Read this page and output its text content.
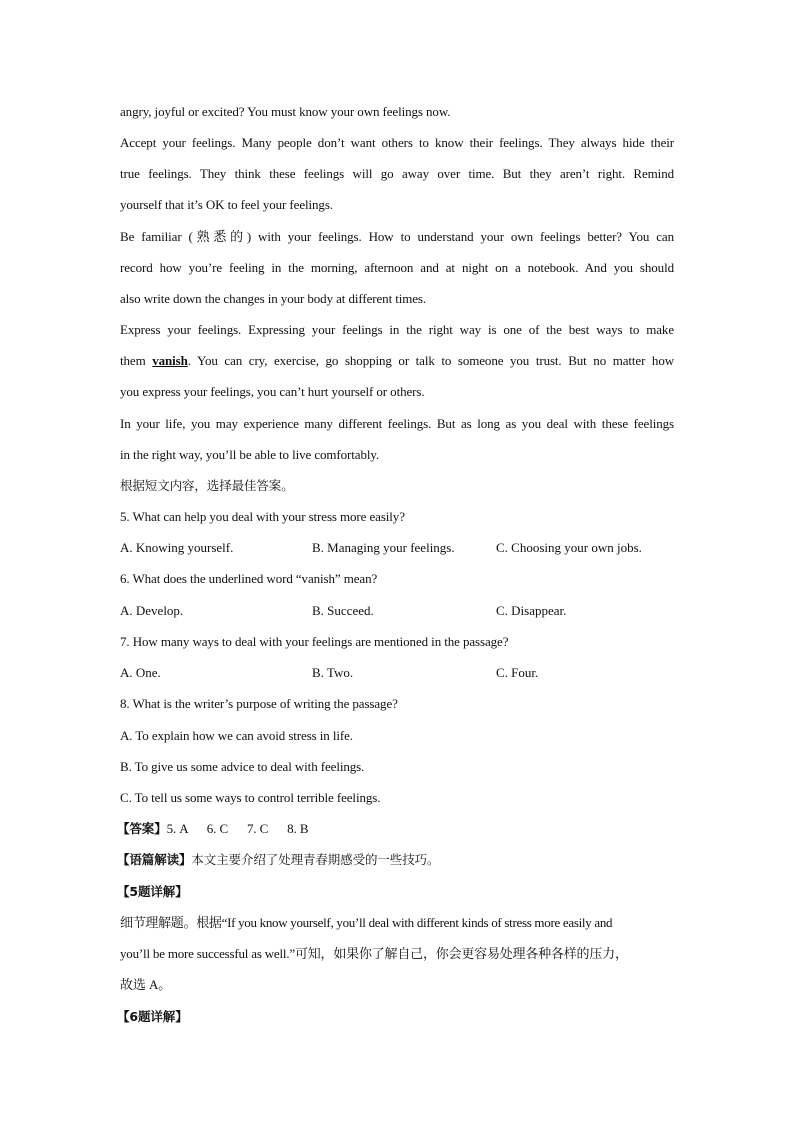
angry, joyful or excited? You must know your own feelings now.
Accept your feelings. Many people don’t want others to know their feelings. They always hide their
true feelings. They think these feelings will go away over time. But they aren’t right. Remind
yourself that it’s OK to feel your feelings.
Be familiar (熟悉的) with your feelings. How to understand your own feelings better? You can
record how you’re feeling in the morning, afternoon and at night on a notebook. And you should
also write down the changes in your body at different times.
Express your feelings. Expressing your feelings in the right way is one of the best ways to make
them vanish. You can cry, exercise, go shopping or talk to someone you trust. But no matter how
you express your feelings, you can’t hurt yourself or others.
In your life, you may experience many different feelings. But as long as you deal with these feelings
in the right way, you’ll be able to live comfortably.
根据短文内容，选择最佳答案。
5. What can help you deal with your stress more easily?
A. Knowing yourself.	B. Managing your feelings.	C. Choosing your own jobs.
6. What does the underlined word “vanish” mean?
A. Develop.	B. Succeed.	C. Disappear.
7. How many ways to deal with your feelings are mentioned in the passage?
A. One.	B. Two.	C. Four.
8. What is the writer’s purpose of writing the passage?
A. To explain how we can avoid stress in life.
B. To give us some advice to deal with feelings.
C. To tell us some ways to control terrible feelings.
【答案】5. A      6. C      7. C      8. B
【语篇解读】本文主要介绍了处理青春期感受的一些技巧。
【5题详解】
细节理解题。根据“If you know yourself, you’ll deal with different kinds of stress more easily and
you’ll be more successful as well.”可知，如果你了解自己，你会更容易处理各种各样的压力，
故选 A。
【6题详解】
